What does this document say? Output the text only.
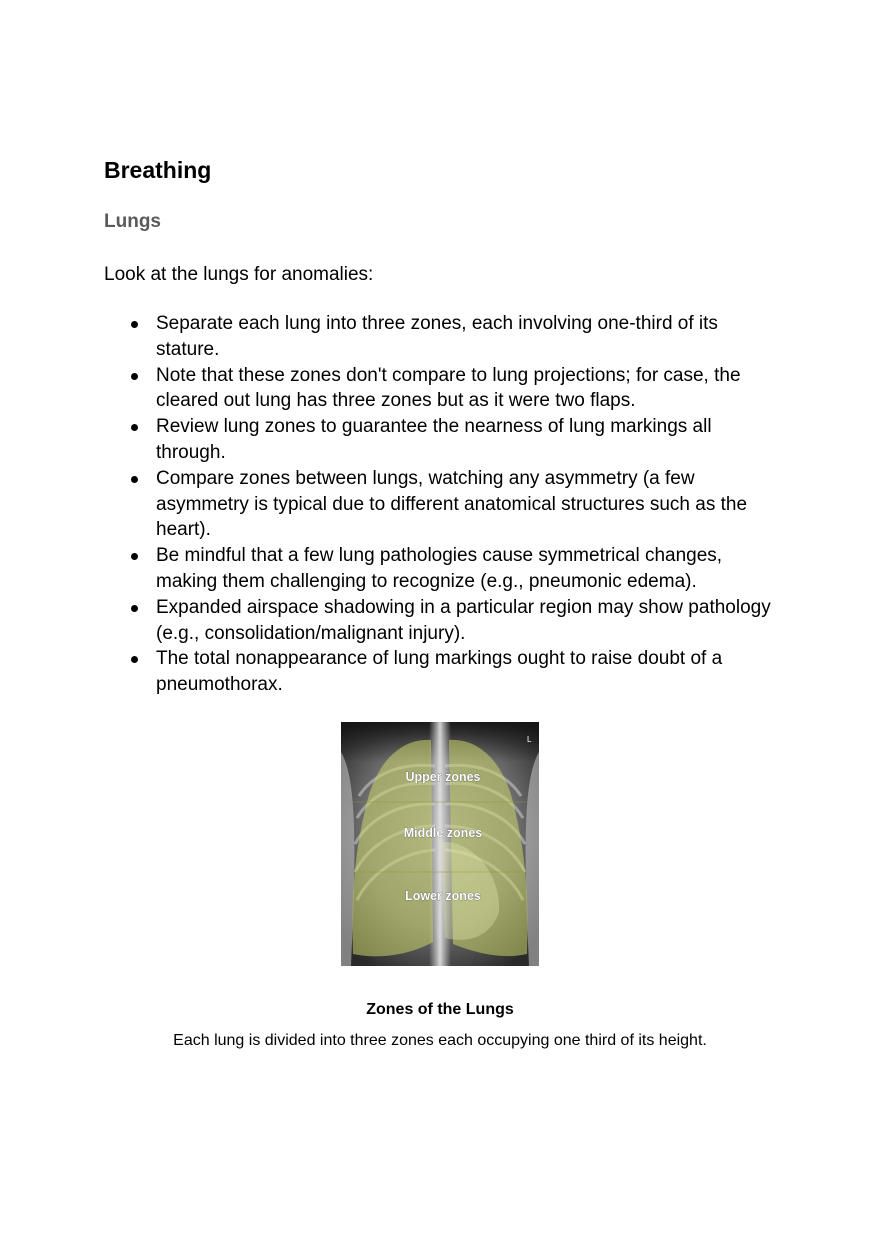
Breathing
Lungs

Look at the lungs for anomalies:

Separate each lung into three zones, each involving one-third of its stature.
Note that these zones don't compare to lung projections; for case, the cleared out lung has three zones but as it were two flaps.
Review lung zones to guarantee the nearness of lung markings all through.
Compare zones between lungs, watching any asymmetry (a few asymmetry is typical due to different anatomical structures such as the heart).
Be mindful that a few lung pathologies cause symmetrical changes, making them challenging to recognize (e.g., pneumonic edema).
Expanded airspace shadowing in a particular region may show pathology (e.g., consolidation/malignant injury).
The total nonappearance of lung markings ought to raise doubt of a pneumothorax.
L
Upper zones
Middle zones
Lower zones

Zones of the Lungs

Each lung is divided into three zones each occupying one third of its height.
